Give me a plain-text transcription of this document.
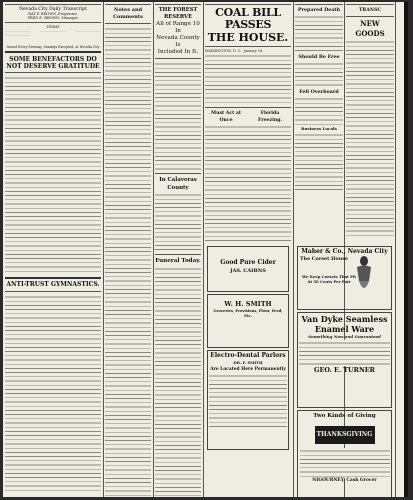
Nevada City Daily Transcript
RAT P. BROWN, Proprietor.
FRED E. BROWN, Manager.
TERMS
.......................... .......................... .......................... ..........................
Issued Every Evening, Sundays Excepted, at Nevada City
SOME BENEFACTORS DO
NOT DESERVE GRATITUDE
ANTI-TRUST GYMNASTICS.
Notes and Comments
THE FOREST RESERVE
All of Range 10 In
Nevada County Is
Included In It.
In Calaveras County
Funeral Today.
COAL BILL PASSES
THE HOUSE.
WASHINGTON, D. C., January 14
Must Act at Once
Florida Freezing.
Good Pure Cider
JAS. CAIRNS
W. H. SMITH
Groceries, Provisions, Flour, Feed, Etc.
Electro-Dental Parlors
DR. F. SMITH
Are Located Here Permanently
Prepared Death
Should Be Free
Fell Overboard
Business Locals
Maher & Co., Nevada City
The Corset House
We Keep Corsets That Fit
At 50 Cents Per Pair
Van Dyke Seamless Enamel Ware
Something New and Guaranteed
GEO. E. TURNER
Two Kinds of Giving
THANKSGIVING
NIGOURNEY, Cash Grocer
TRANSC
NEW GOODS
